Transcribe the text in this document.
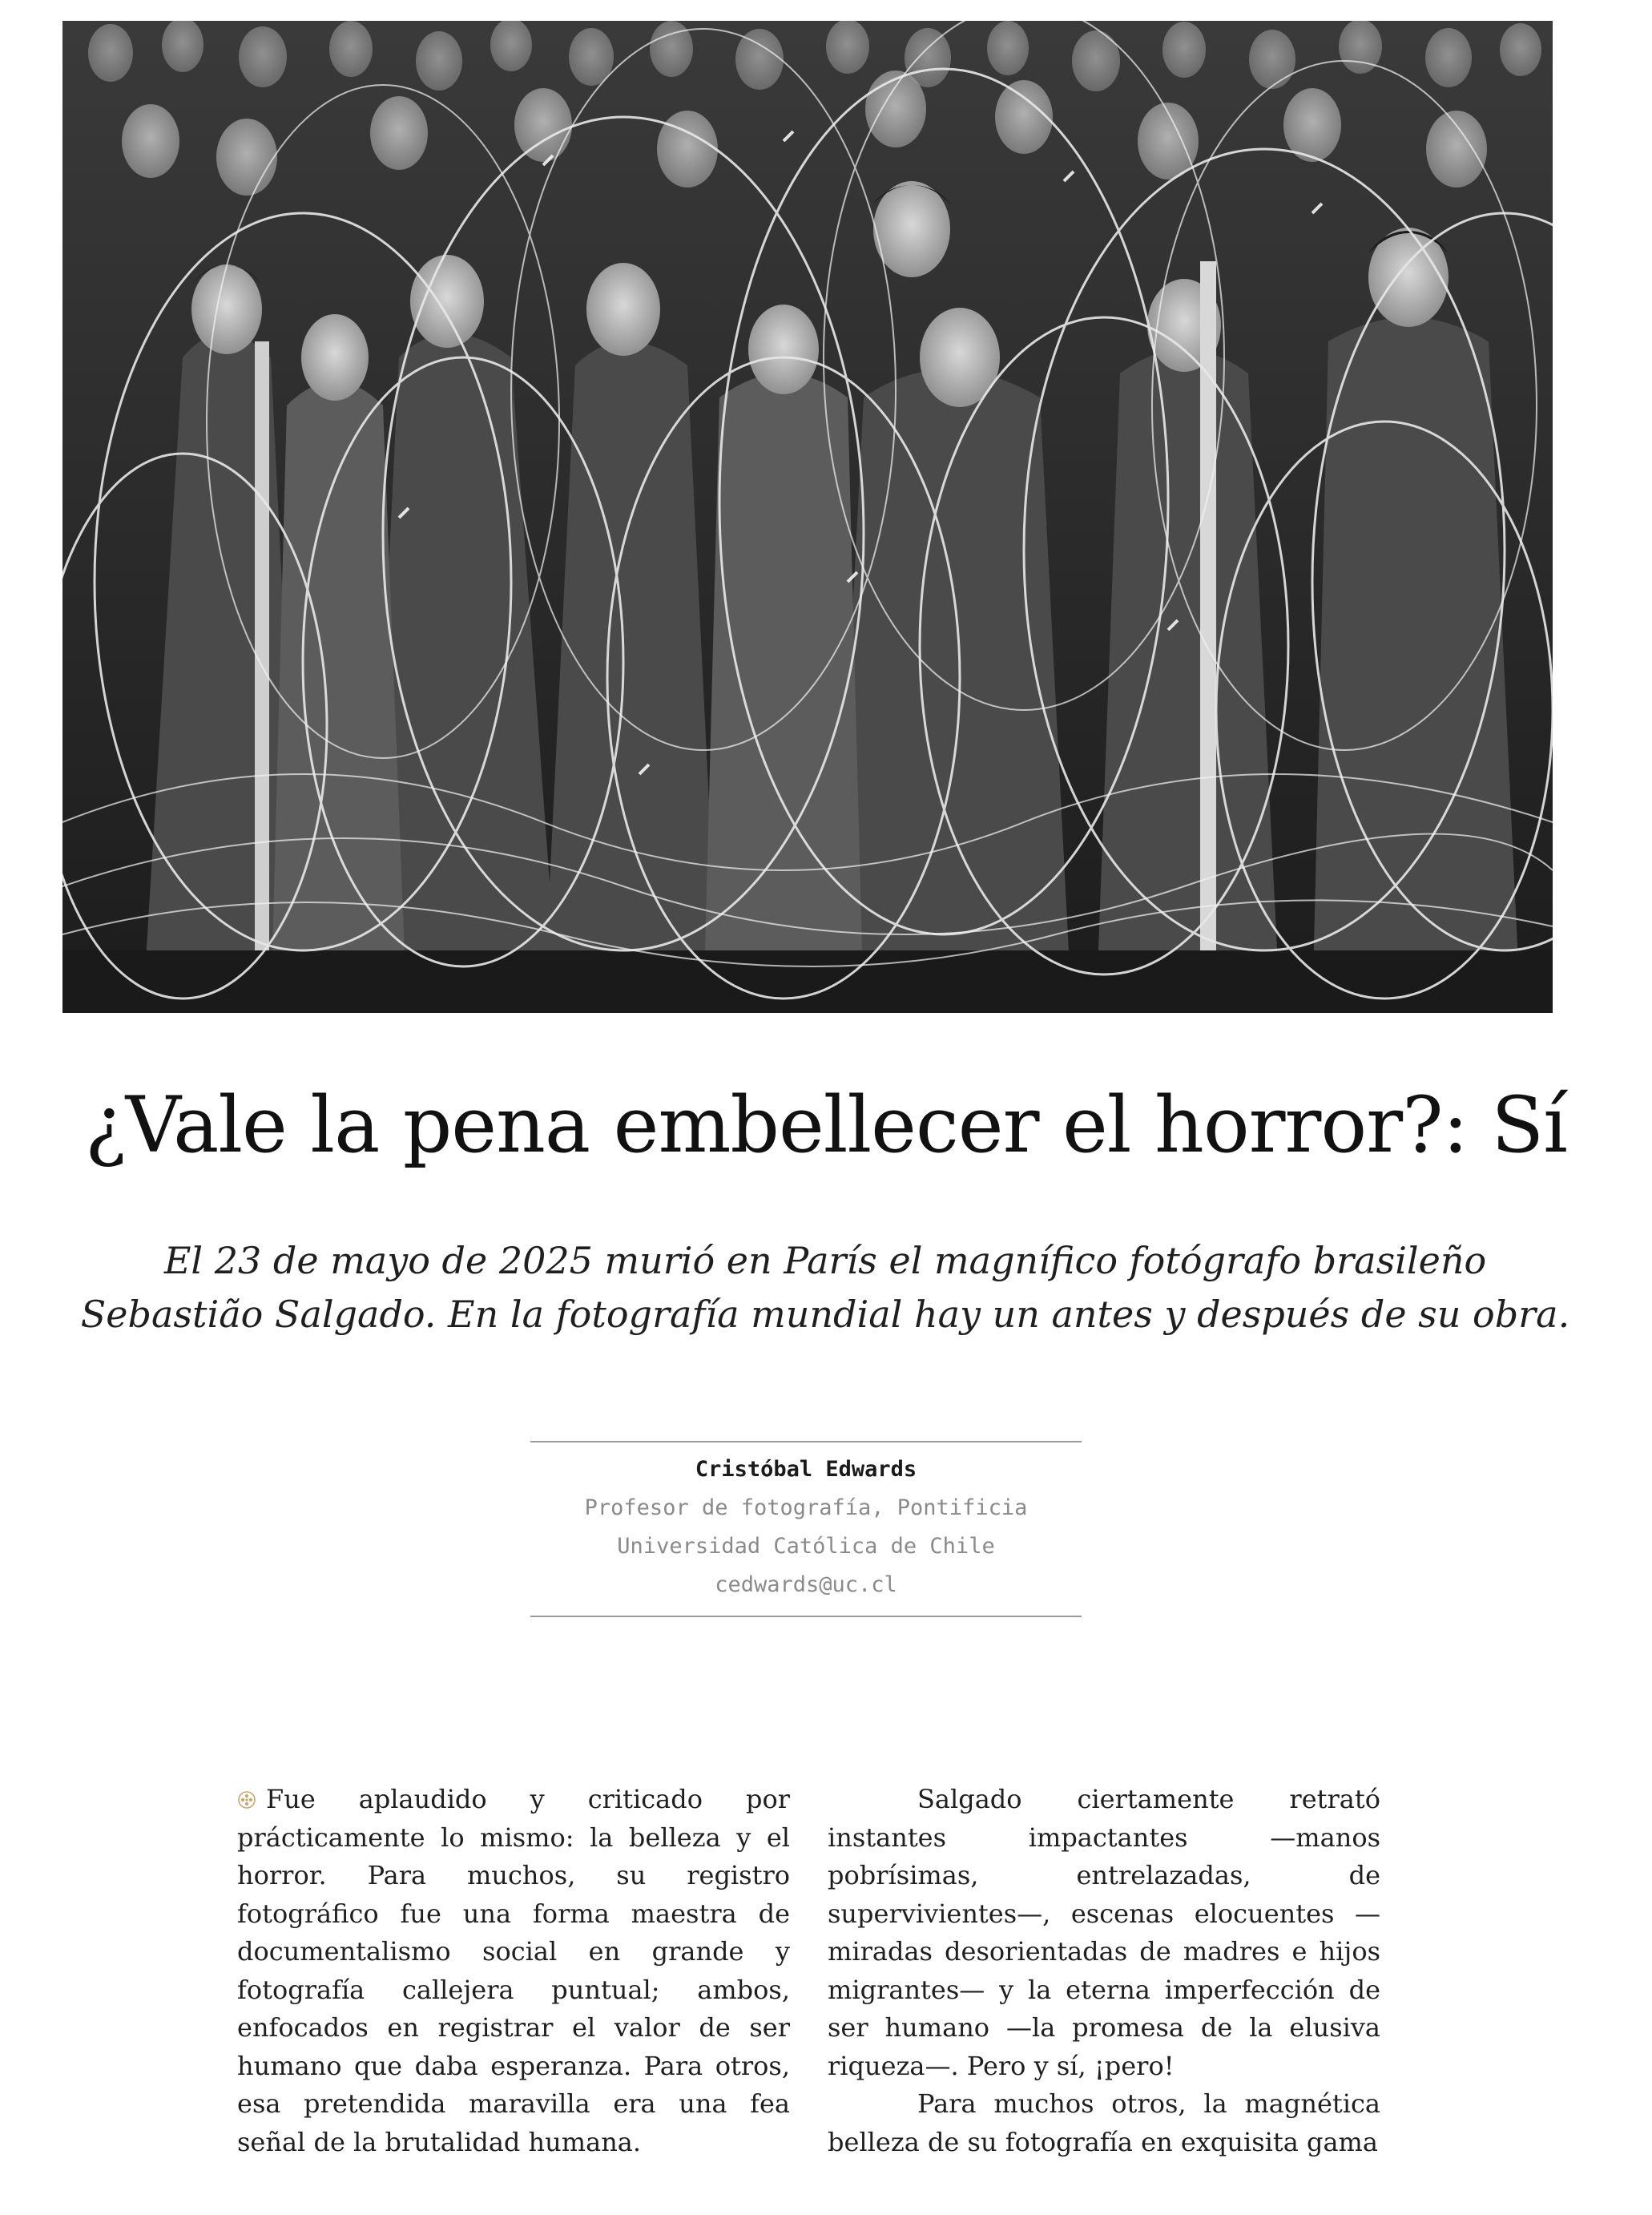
¿Vale la pena embellecer el horror?: Sí
El 23 de mayo de 2025 murió en París el magnífico fotógrafo brasileño
Sebastião Salgado. En la fotografía mundial hay un antes y después de su obra.
Cristóbal Edwards
Profesor de fotografía, Pontificia
Universidad Católica de Chile
cedwards@uc.cl

Fue aplaudido y criticado por prácticamente lo mismo: la belleza y el horror. Para muchos, su registro fotográfico fue una forma maestra de documentalismo social en grande y fotografía callejera puntual; ambos, enfocados en registrar el valor de ser humano que daba esperanza. Para otros, esa pretendida maravilla era una fea señal de la brutalidad humana.

Salgado ciertamente retrató instantes impactantes —manos pobrísimas, entrelazadas, de supervivientes—, escenas elocuentes —miradas desorientadas de madres e hijos migrantes— y la eterna imperfección de ser humano —la promesa de la elusiva riqueza—. Pero y sí, ¡pero!

Para muchos otros, la magnética belleza de su fotografía en exquisita gama
